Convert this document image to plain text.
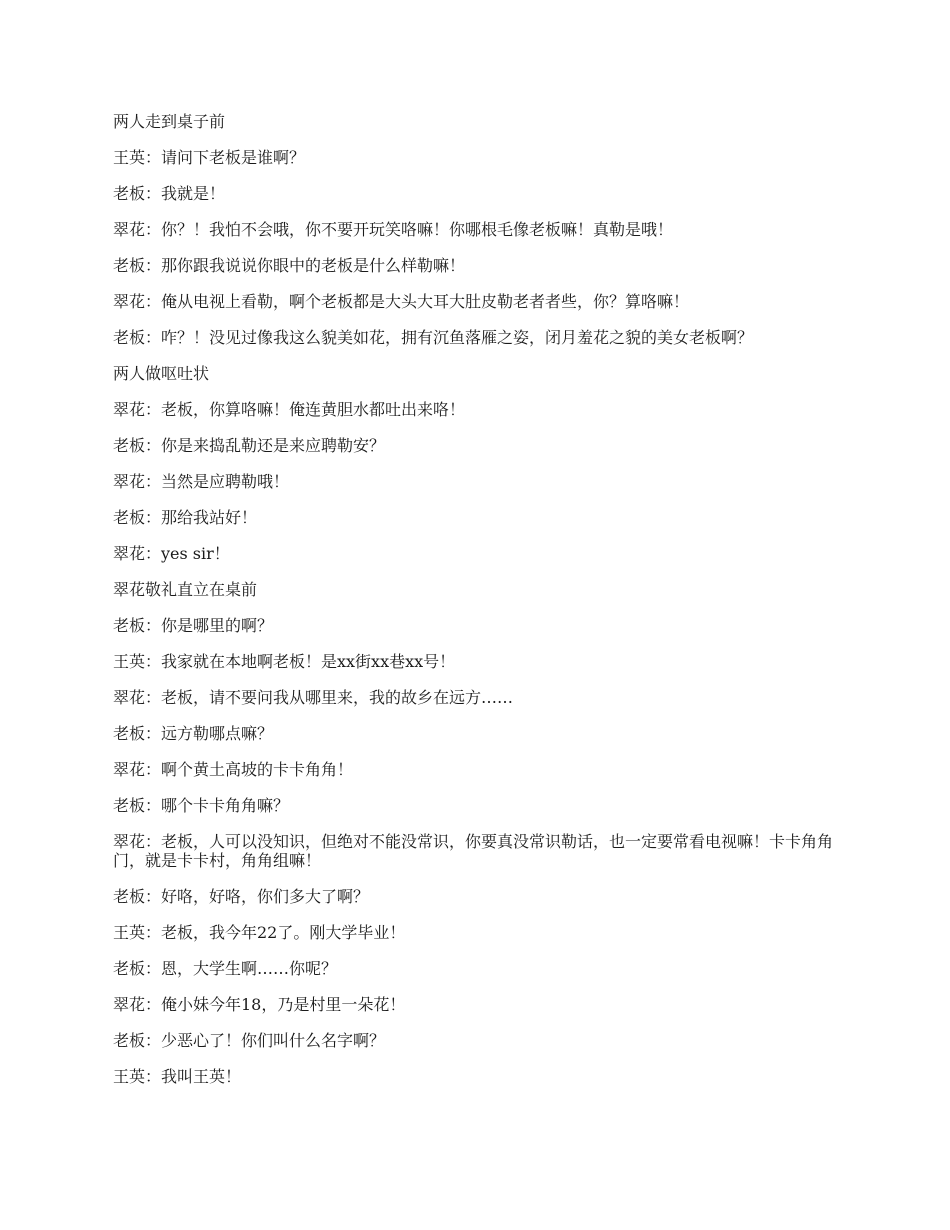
两人走到桌子前

王英：请问下老板是谁啊？

老板：我就是！

翠花：你？！我怕不会哦，你不要开玩笑咯嘛！你哪根毛像老板嘛！真勒是哦！

老板：那你跟我说说你眼中的老板是什么样勒嘛！

翠花：俺从电视上看勒，啊个老板都是大头大耳大肚皮勒老者者些，你？算咯嘛！

老板：咋？！没见过像我这么貌美如花，拥有沉鱼落雁之姿，闭月羞花之貌的美女老板啊？

两人做呕吐状

翠花：老板，你算咯嘛！俺连黄胆水都吐出来咯！

老板：你是来捣乱勒还是来应聘勒安？

翠花：当然是应聘勒哦！

老板：那给我站好！

翠花：yes sir！

翠花敬礼直立在桌前

老板：你是哪里的啊？

王英：我家就在本地啊老板！是xx街xx巷xx号！

翠花：老板，请不要问我从哪里来，我的故乡在远方……

老板：远方勒哪点嘛？

翠花：啊个黄土高坡的卡卡角角！

老板：哪个卡卡角角嘛？

翠花：老板，人可以没知识，但绝对不能没常识，你要真没常识勒话，也一定要常看电视嘛！卡卡角角门，就是卡卡村，角角组嘛！

老板：好咯，好咯，你们多大了啊？

王英：老板，我今年22了。刚大学毕业！

老板：恩，大学生啊……你呢？

翠花：俺小妹今年18，乃是村里一朵花！

老板：少恶心了！你们叫什么名字啊？

王英：我叫王英！
